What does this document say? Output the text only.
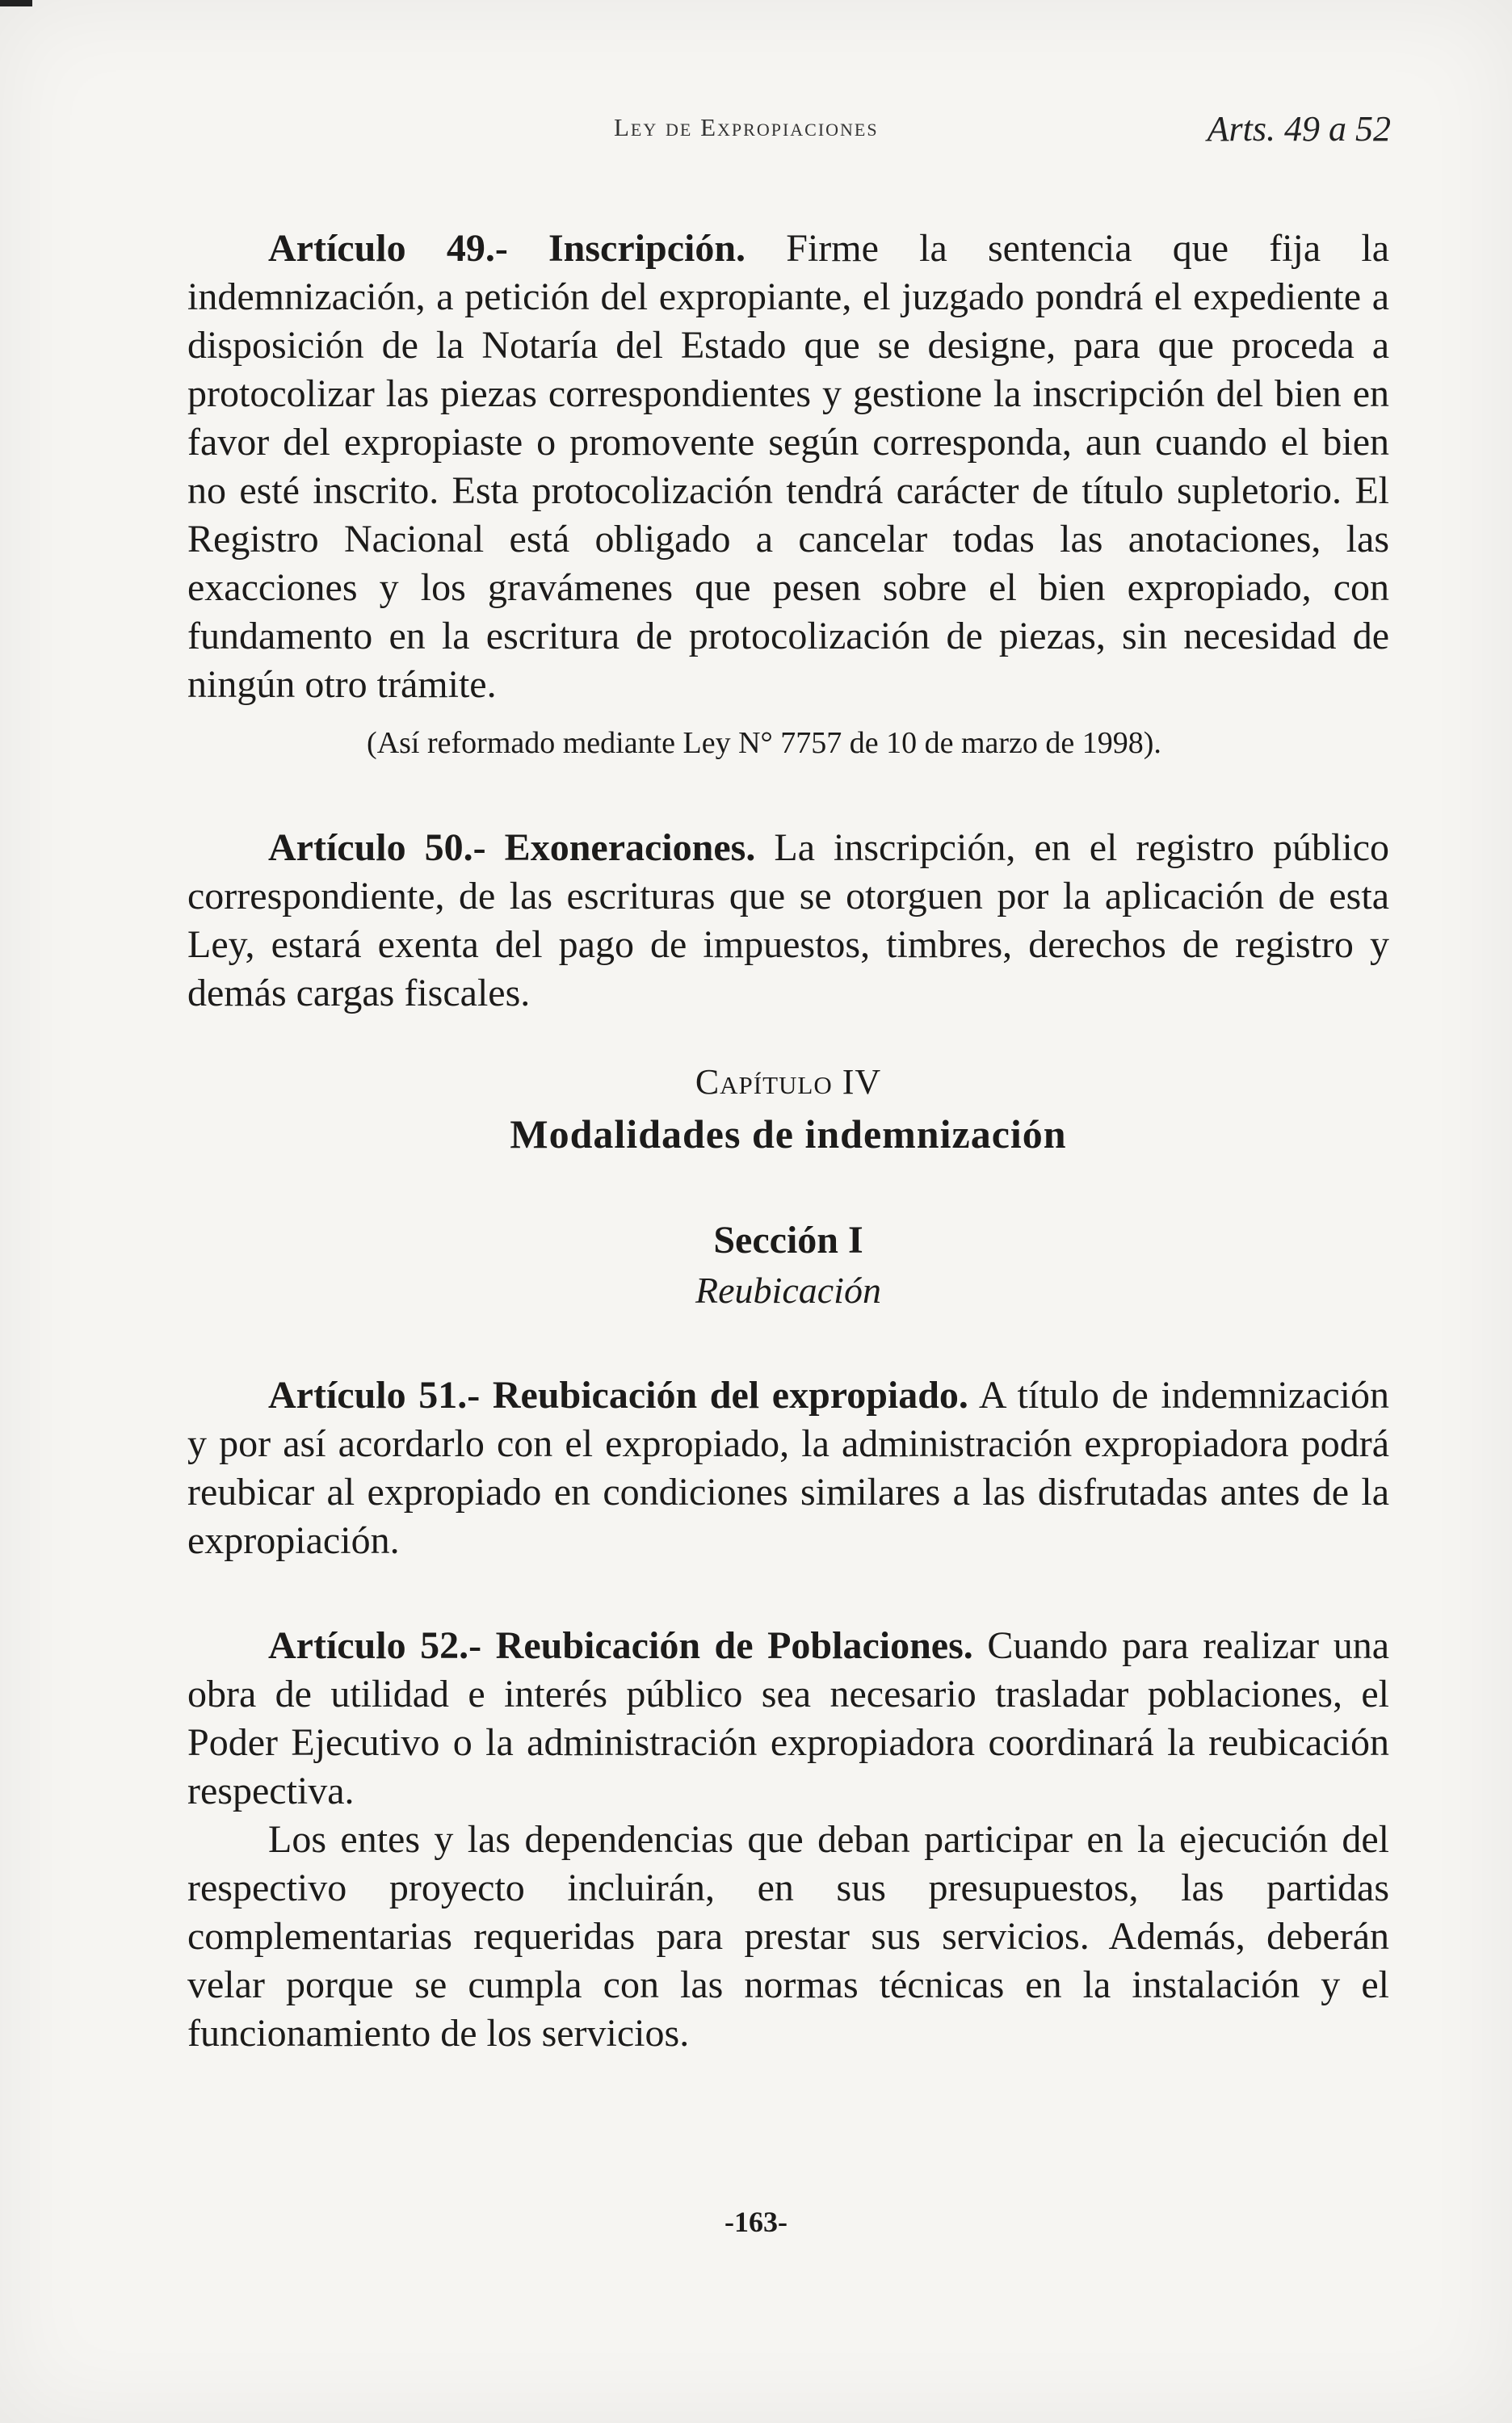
Ley de Expropiaciones	Arts. 49 a 52

Artículo 49.- Inscripción. Firme la sentencia que fija la indemnización, a petición del expropiante, el juzgado pondrá el expediente a disposición de la Notaría del Estado que se designe, para que proceda a protocolizar las piezas correspondientes y gestione la inscripción del bien en favor del expropiaste o promovente según corresponda, aun cuando el bien no esté inscrito. Esta protocolización tendrá carácter de título supletorio. El Registro Nacional está obligado a cancelar todas las anotaciones, las exacciones y los gravámenes que pesen sobre el bien expropiado, con fundamento en la escritura de protocolización de piezas, sin necesidad de ningún otro trámite.

(Así reformado mediante Ley N° 7757 de 10 de marzo de 1998).

Artículo 50.- Exoneraciones. La inscripción, en el registro público correspondiente, de las escrituras que se otorguen por la aplicación de esta Ley, estará exenta del pago de impuestos, timbres, derechos de registro y demás cargas fiscales.

Capítulo IV
Modalidades de indemnización
Sección I
Reubicación

Artículo 51.- Reubicación del expropiado. A título de indemnización y por así acordarlo con el expropiado, la administración expropiadora podrá reubicar al expropiado en condiciones similares a las disfrutadas antes de la expropiación.

Artículo 52.- Reubicación de Poblaciones. Cuando para realizar una obra de utilidad e interés público sea necesario trasladar poblaciones, el Poder Ejecutivo o la administración expropiadora coordinará la reubicación respectiva.

Los entes y las dependencias que deban participar en la ejecución del respectivo proyecto incluirán, en sus presupuestos, las partidas complementarias requeridas para prestar sus servicios. Además, deberán velar porque se cumpla con las normas técnicas en la instalación y el funcionamiento de los servicios.

-163-
